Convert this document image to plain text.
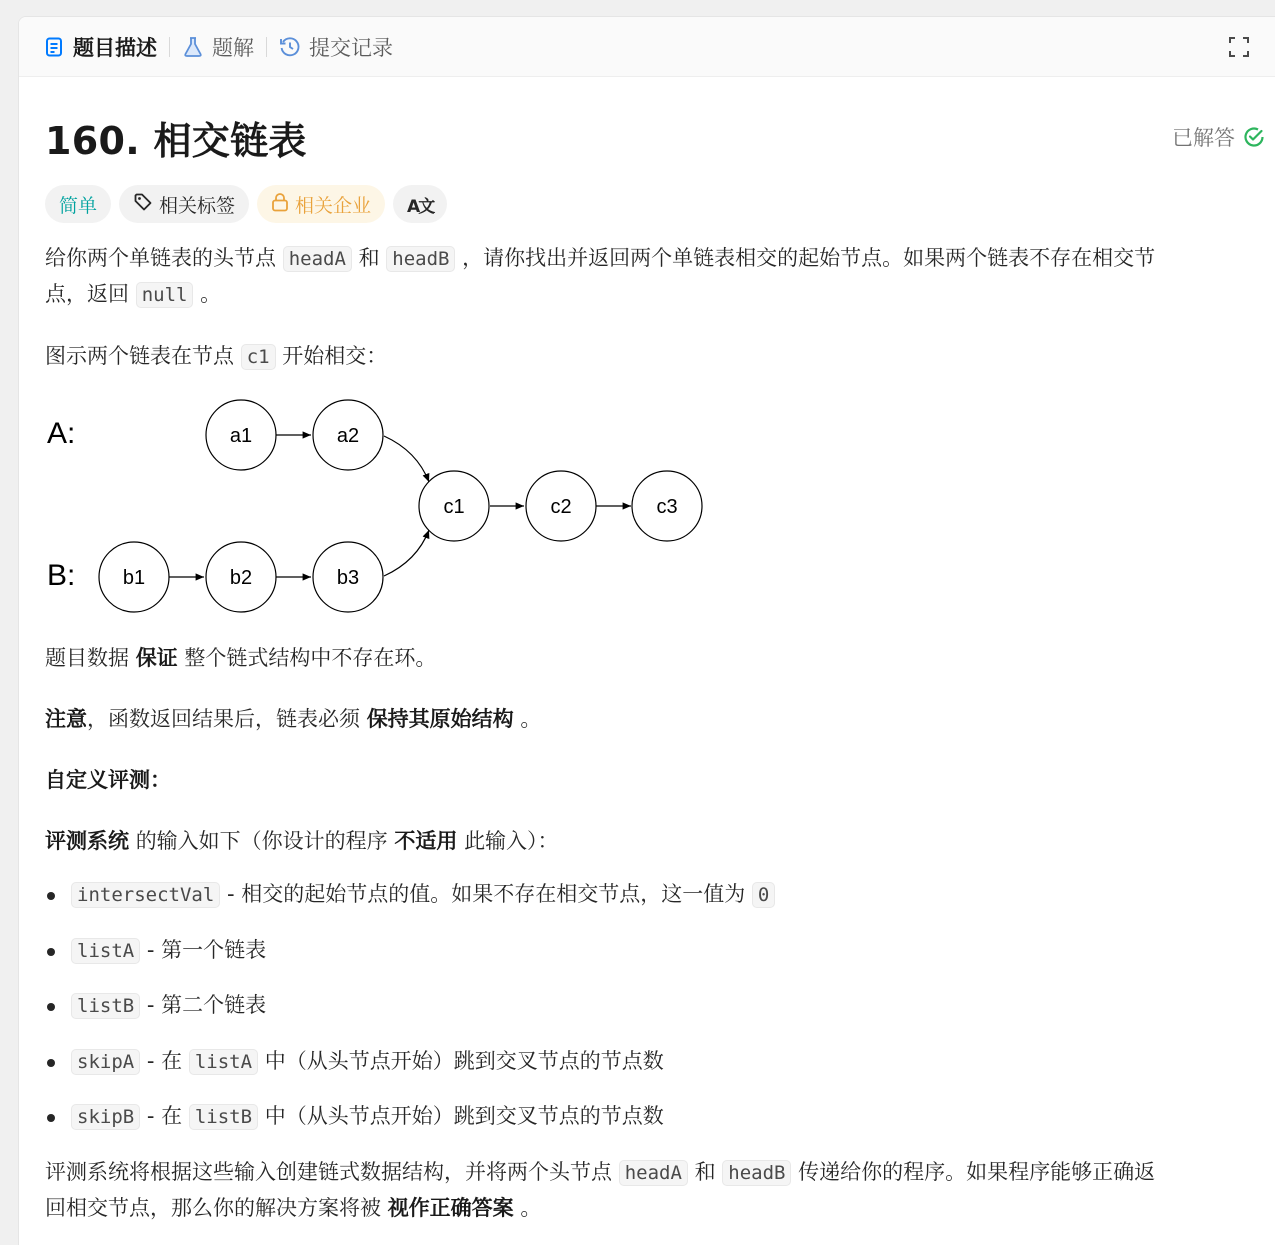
题目描述	题解	提交记录
160. 相交链表	已解答
简单	相关标签	相关企业 A文

给你两个单链表的头节点 headA 和 headB ，请你找出并返回两个单链表相交的起始节点。如果两个链表不存在相交节
点，返回 null 。

图示两个链表在节点 c1 开始相交：

A:
B:
a1	a2
c1	c2	c3
b1	b2	b3

题目数据 保证 整个链式结构中不存在环。

注意，函数返回结果后，链表必须 保持其原始结构 。

自定义评测：

评测系统 的输入如下（你设计的程序 不适用 此输入）：

intersectVal - 相交的起始节点的值。如果不存在相交节点，这一值为 0
listA - 第一个链表
listB - 第二个链表
skipA - 在 listA 中（从头节点开始）跳到交叉节点的节点数
skipB - 在 listB 中（从头节点开始）跳到交叉节点的节点数

评测系统将根据这些输入创建链式数据结构，并将两个头节点 headA 和 headB 传递给你的程序。如果程序能够正确返
回相交节点，那么你的解决方案将被 视作正确答案 。
